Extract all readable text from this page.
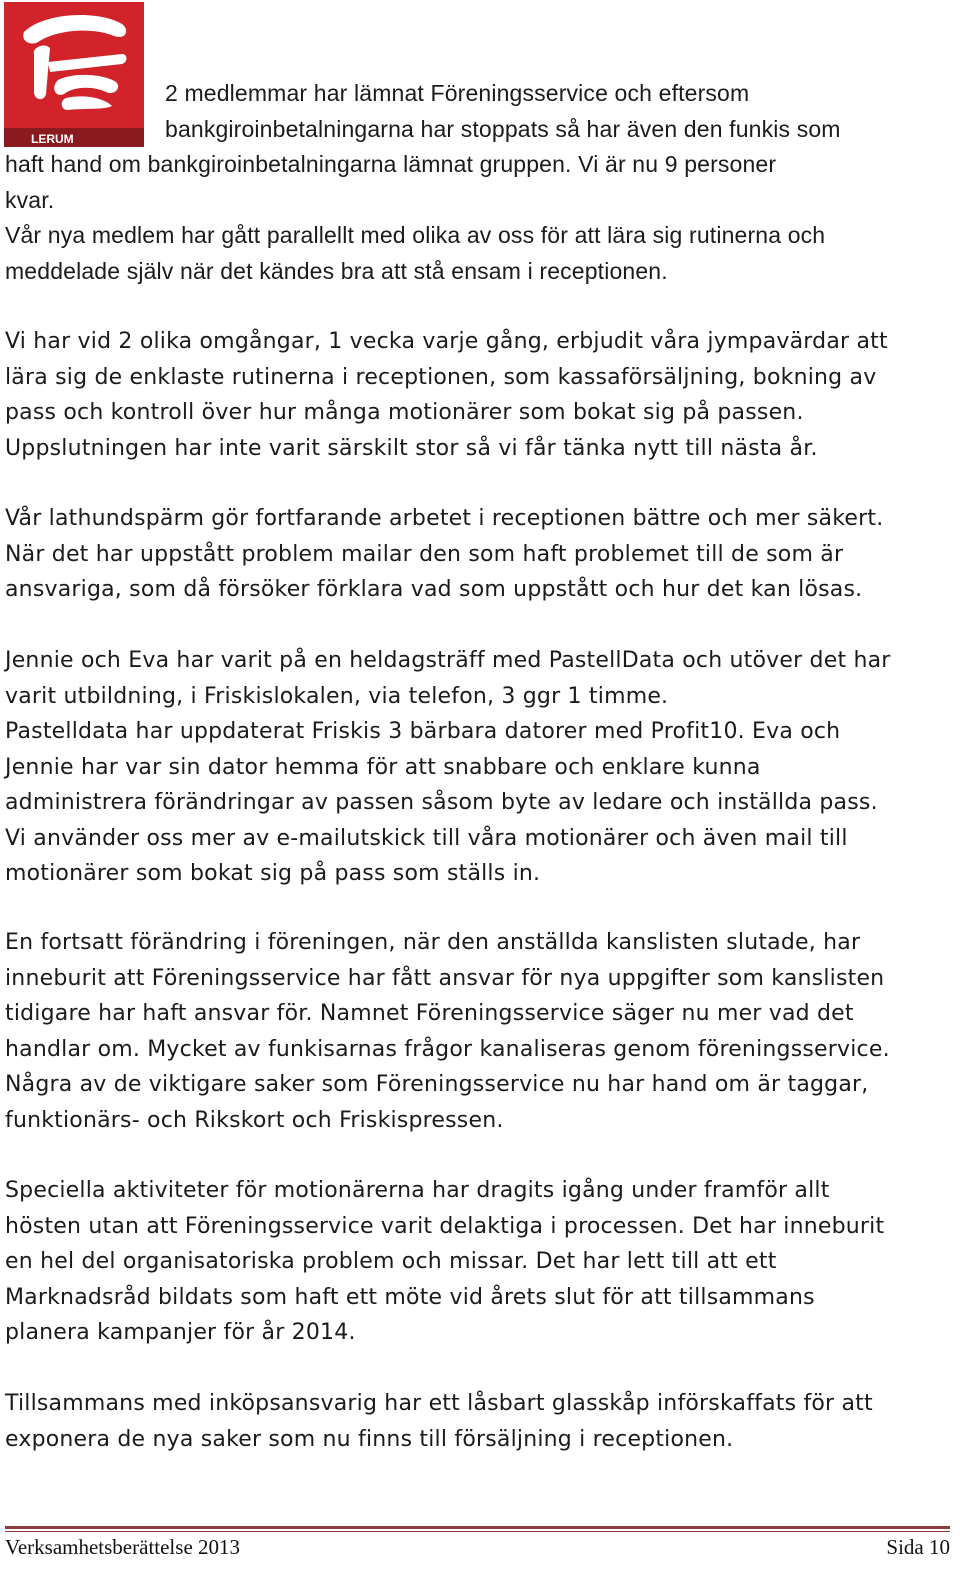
LERUM

2 medlemmar har lämnat Föreningsservice och eftersom
bankgiroinbetalningarna har stoppats så har även den funkis som
haft hand om bankgiroinbetalningarna lämnat gruppen. Vi är nu 9 personer
kvar.
Vår nya medlem har gått parallellt med olika av oss för att lära sig rutinerna och
meddelade själv när det kändes bra att stå ensam i receptionen.

Vi har vid 2 olika omgångar, 1 vecka varje gång, erbjudit våra jympavärdar att
lära sig de enklaste rutinerna i receptionen, som kassaförsäljning, bokning av
pass och kontroll över hur många motionärer som bokat sig på passen.
Uppslutningen har inte varit särskilt stor så vi får tänka nytt till nästa år.

Vår lathundspärm gör fortfarande arbetet i receptionen bättre och mer säkert.
När det har uppstått problem mailar den som haft problemet till de som är
ansvariga, som då försöker förklara vad som uppstått och hur det kan lösas.

Jennie och Eva har varit på en heldagsträff med PastellData och utöver det har
varit utbildning, i Friskislokalen, via telefon, 3 ggr 1 timme.
Pastelldata har uppdaterat Friskis 3 bärbara datorer med Profit10. Eva och
Jennie har var sin dator hemma för att snabbare och enklare kunna
administrera förändringar av passen såsom byte av ledare och inställda pass.
Vi använder oss mer av e-mailutskick till våra motionärer och även mail till
motionärer som bokat sig på pass som ställs in.

En fortsatt förändring i föreningen, när den anställda kanslisten slutade, har
inneburit att Föreningsservice har fått ansvar för nya uppgifter som kanslisten
tidigare har haft ansvar för. Namnet Föreningsservice säger nu mer vad det
handlar om. Mycket av funkisarnas frågor kanaliseras genom föreningsservice.
Några av de viktigare saker som Föreningsservice nu har hand om är taggar,
funktionärs- och Rikskort och Friskispressen.

Speciella aktiviteter för motionärerna har dragits igång under framför allt
hösten utan att Föreningsservice varit delaktiga i processen. Det har inneburit
en hel del organisatoriska problem och missar. Det har lett till att ett
Marknadsråd bildats som haft ett möte vid årets slut för att tillsammans
planera kampanjer för år 2014.

Tillsammans med inköpsansvarig har ett låsbart glasskåp införskaffats för att
exponera de nya saker som nu finns till försäljning i receptionen.

Verksamhetsberättelse 2013	Sida 10
